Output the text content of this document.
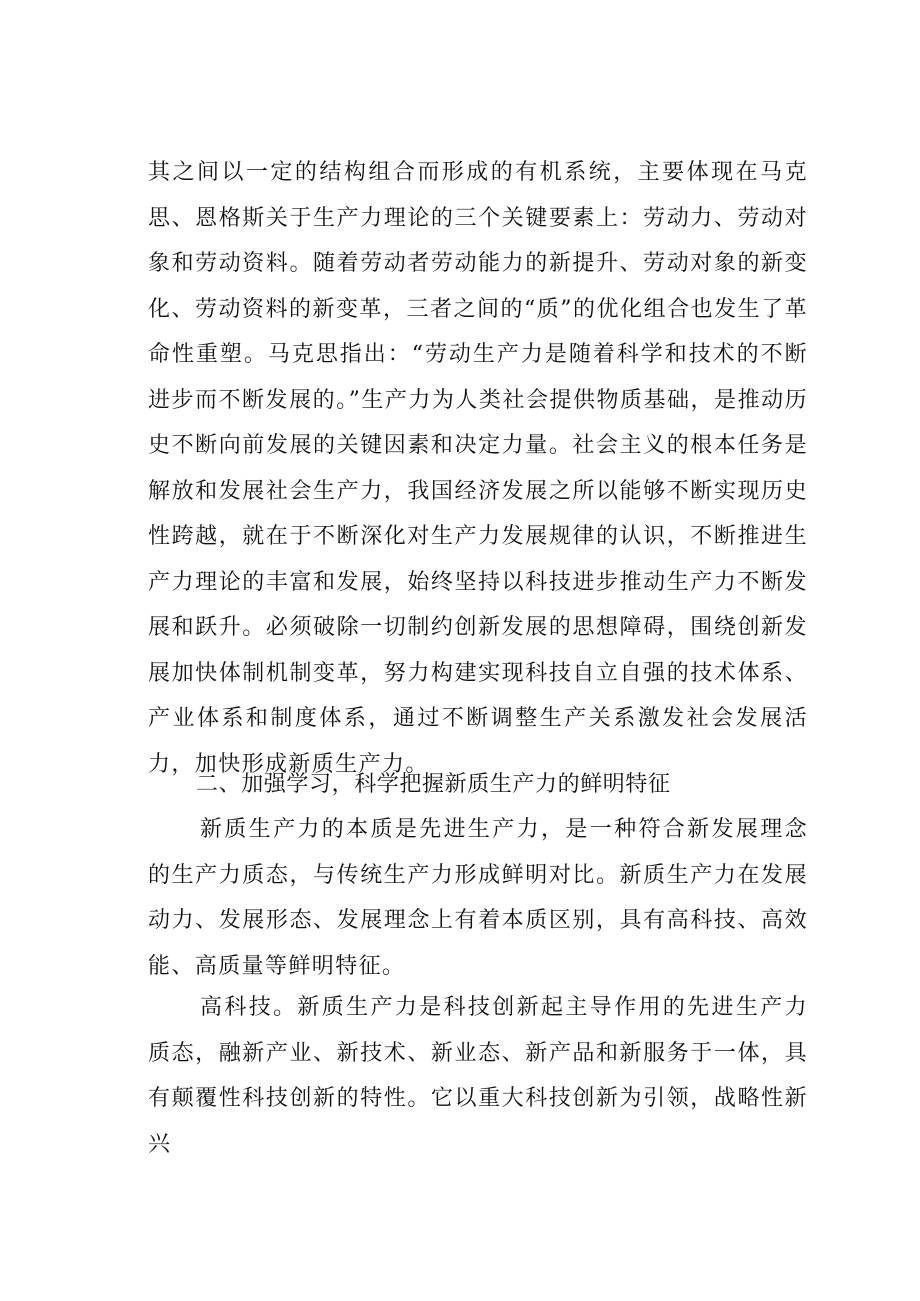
其之间以一定的结构组合而形成的有机系统，主要体现在马克思、恩格斯关于生产力理论的三个关键要素上：劳动力、劳动对象和劳动资料。随着劳动者劳动能力的新提升、劳动对象的新变化、劳动资料的新变革，三者之间的“质”的优化组合也发生了革命性重塑。马克思指出：“劳动生产力是随着科学和技术的不断进步而不断发展的。”生产力为人类社会提供物质基础，是推动历史不断向前发展的关键因素和决定力量。社会主义的根本任务是解放和发展社会生产力，我国经济发展之所以能够不断实现历史性跨越，就在于不断深化对生产力发展规律的认识，不断推进生产力理论的丰富和发展，始终坚持以科技进步推动生产力不断发展和跃升。必须破除一切制约创新发展的思想障碍，围绕创新发展加快体制机制变革，努力构建实现科技自立自强的技术体系、产业体系和制度体系，通过不断调整生产关系激发社会发展活力，加快形成新质生产力。

二、加强学习，科学把握新质生产力的鲜明特征

新质生产力的本质是先进生产力，是一种符合新发展理念的生产力质态，与传统生产力形成鲜明对比。新质生产力在发展动力、发展形态、发展理念上有着本质区别，具有高科技、高效能、高质量等鲜明特征。

高科技。新质生产力是科技创新起主导作用的先进生产力质态，融新产业、新技术、新业态、新产品和新服务于一体，具有颠覆性科技创新的特性。它以重大科技创新为引领，战略性新兴
